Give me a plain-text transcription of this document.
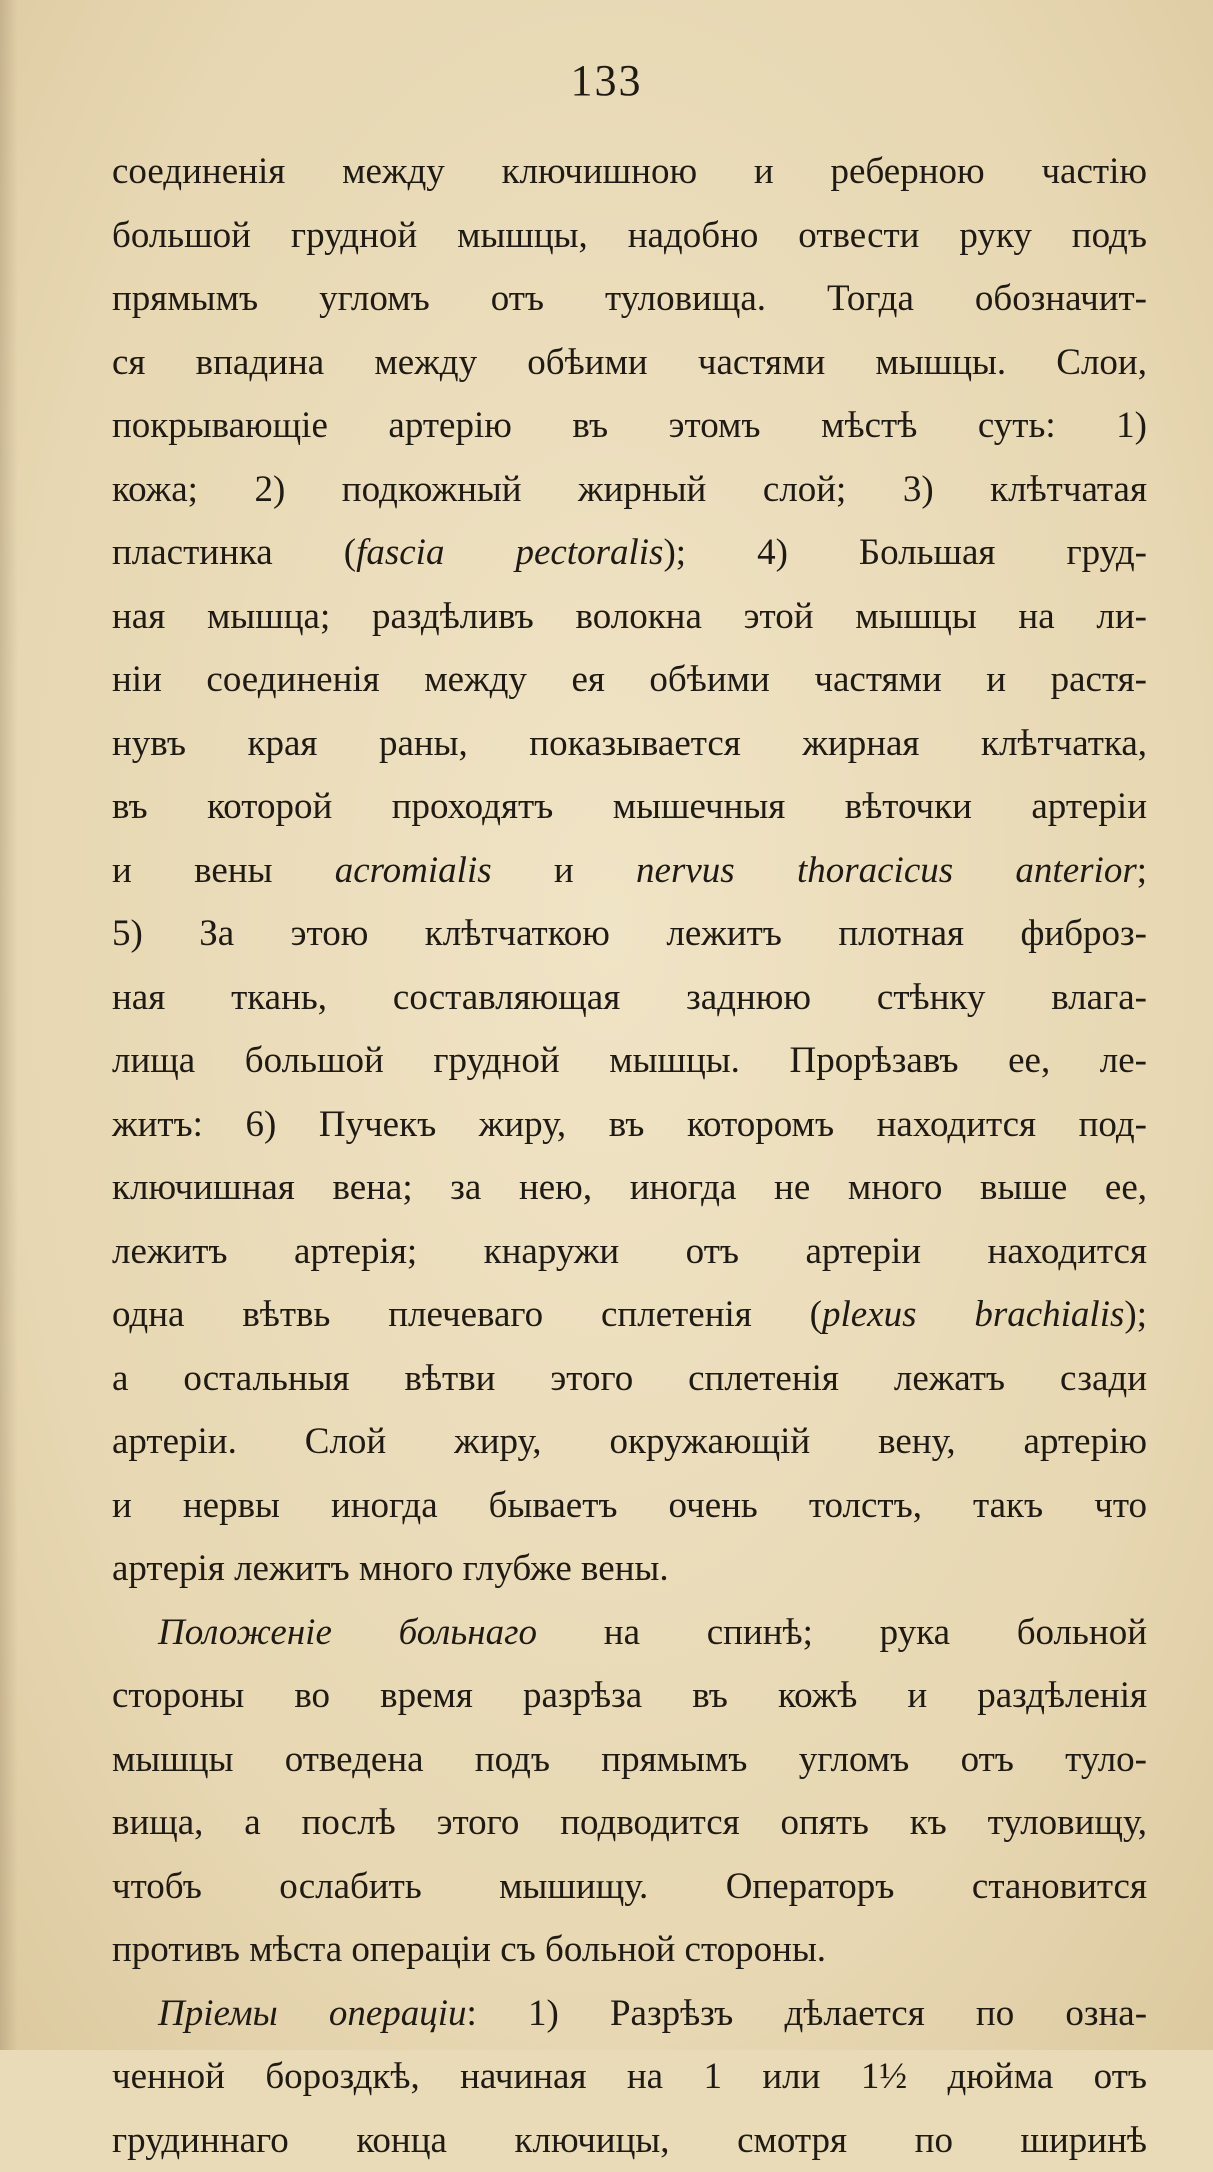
133
соединенія между ключишною и реберною частію
большой грудной мышцы, надобно отвести руку подъ
прямымъ угломъ отъ туловища. Тогда обозначит-
ся впадина между обѣими частями мышцы. Слои,
покрывающіе артерію въ этомъ мѣстѣ суть: 1)
кожа; 2) подкожный жирный слой; 3) клѣтчатая
пластинка (fascia pectoralis); 4) Большая груд-
ная мышца; раздѣливъ волокна этой мышцы на ли-
ніи соединенія между ея обѣими частями и растя-
нувъ края раны, показывается жирная клѣтчатка,
въ которой проходятъ мышечныя вѣточки артеріи
и вены acromialis и nervus thoracicus anterior;
5) За этою клѣтчаткою лежитъ плотная фиброз-
ная ткань, составляющая заднюю стѣнку влага-
лища большой грудной мышцы. Прорѣзавъ ее, ле-
житъ: 6) Пучекъ жиру, въ которомъ находится под-
ключишная вена; за нею, иногда не много выше ее,
лежитъ артерія; кнаружи отъ артеріи находится
одна вѣтвь плечеваго сплетенія (plexus brachialis);
а остальныя вѣтви этого сплетенія лежатъ сзади
артеріи. Слой жиру, окружающій вену, артерію
и нервы иногда бываетъ очень толстъ, такъ что
артерія лежитъ много глубже вены.
Положеніе больнаго на спинѣ; рука больной
стороны во время разрѣза въ кожѣ и раздѣленія
мышцы отведена подъ прямымъ угломъ отъ туло-
вища, а послѣ этого подводится опять къ туловищу,
чтобъ ослабить мышищу. Операторъ становится
противъ мѣста операціи съ больной стороны.
Пріемы операціи: 1) Разрѣзъ дѣлается по озна-
ченной бороздкѣ, начиная на 1 или 1½ дюйма отъ
грудиннаго конца ключицы, смотря по ширинѣ
